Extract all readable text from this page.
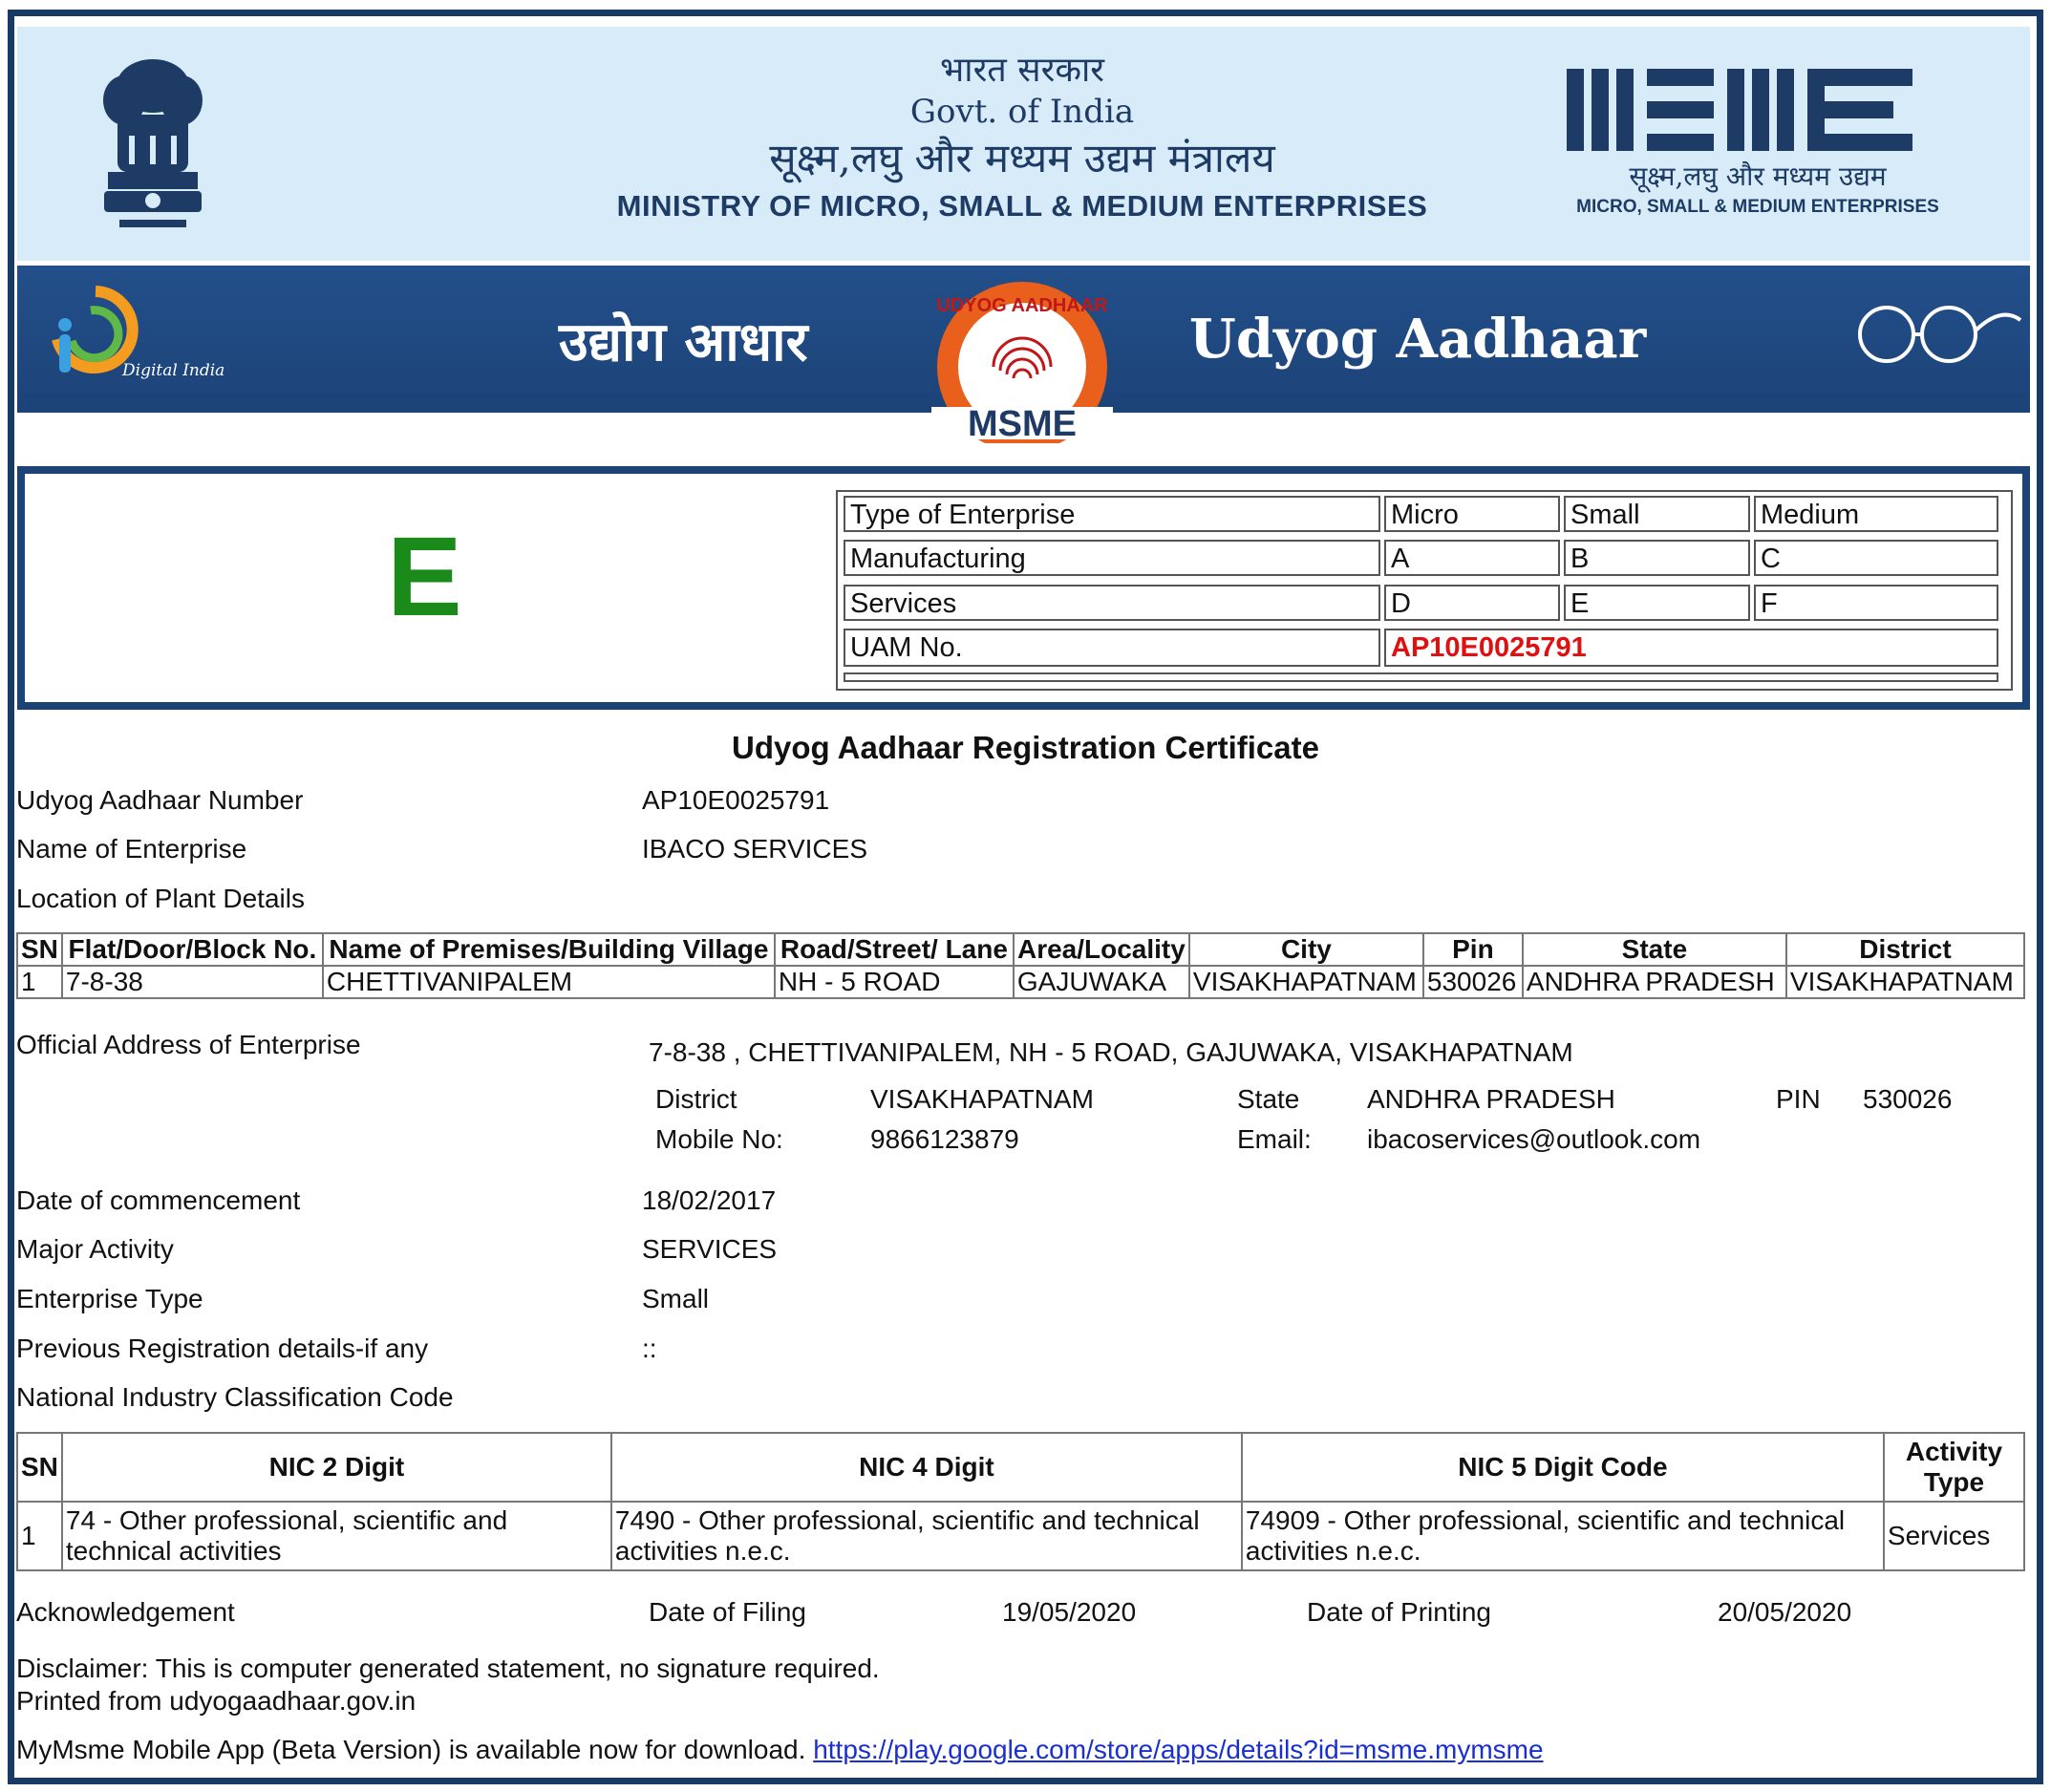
भारत सरकार
Govt. of India
सूक्ष्म,लघु और मध्यम उद्यम मंत्रालय
MINISTRY OF MICRO, SMALL & MEDIUM ENTERPRISES
सूक्ष्म,लघु और मध्यम उद्यम
MICRO, SMALL & MEDIUM ENTERPRISES
Digital India	उद्योग आधार
UDYOG AADHAAR
MSME
Udyog Aadhaar
E	Type of Enterprise	Micro	Small	Medium
Manufacturing	A	B	C
Services	D	E	F
UAM No.	AP10E0025791
Udyog Aadhaar Registration Certificate
Udyog Aadhaar Number	AP10E0025791
Name of Enterprise	IBACO SERVICES
Location of Plant Details
SN	Flat/Door/Block No.	Name of Premises/Building Village	Road/Street/ Lane	Area/Locality	City	Pin	State	District
1	7-8-38	CHETTIVANIPALEM	NH - 5 ROAD	GAJUWAKA	VISAKHAPATNAM	530026	ANDHRA PRADESH	VISAKHAPATNAM
Official Address of Enterprise	7-8-38 , CHETTIVANIPALEM, NH - 5 ROAD, GAJUWAKA, VISAKHAPATNAM
District	VISAKHAPATNAM	State	ANDHRA PRADESH	PIN 530026
Mobile No:	9866123879	Email: ibacoservices@outlook.com
Date of commencement	18/02/2017
Major Activity	SERVICES
Enterprise Type	Small
Previous Registration details-if any	::
National Industry Classification Code
SN	NIC 2 Digit	NIC 4 Digit	NIC 5 Digit Code	Activity Type
1	74 - Other professional, scientific and technical activities	7490 - Other professional, scientific and technical activities n.e.c.	74909 - Other professional, scientific and technical activities n.e.c.	Services
Acknowledgement	Date of Filing	19/05/2020	Date of Printing	20/05/2020
Disclaimer: This is computer generated statement, no signature required.
Printed from udyogaadhaar.gov.in
MyMsme Mobile App (Beta Version) is available now for download. https://play.google.com/store/apps/details?id=msme.mymsme
